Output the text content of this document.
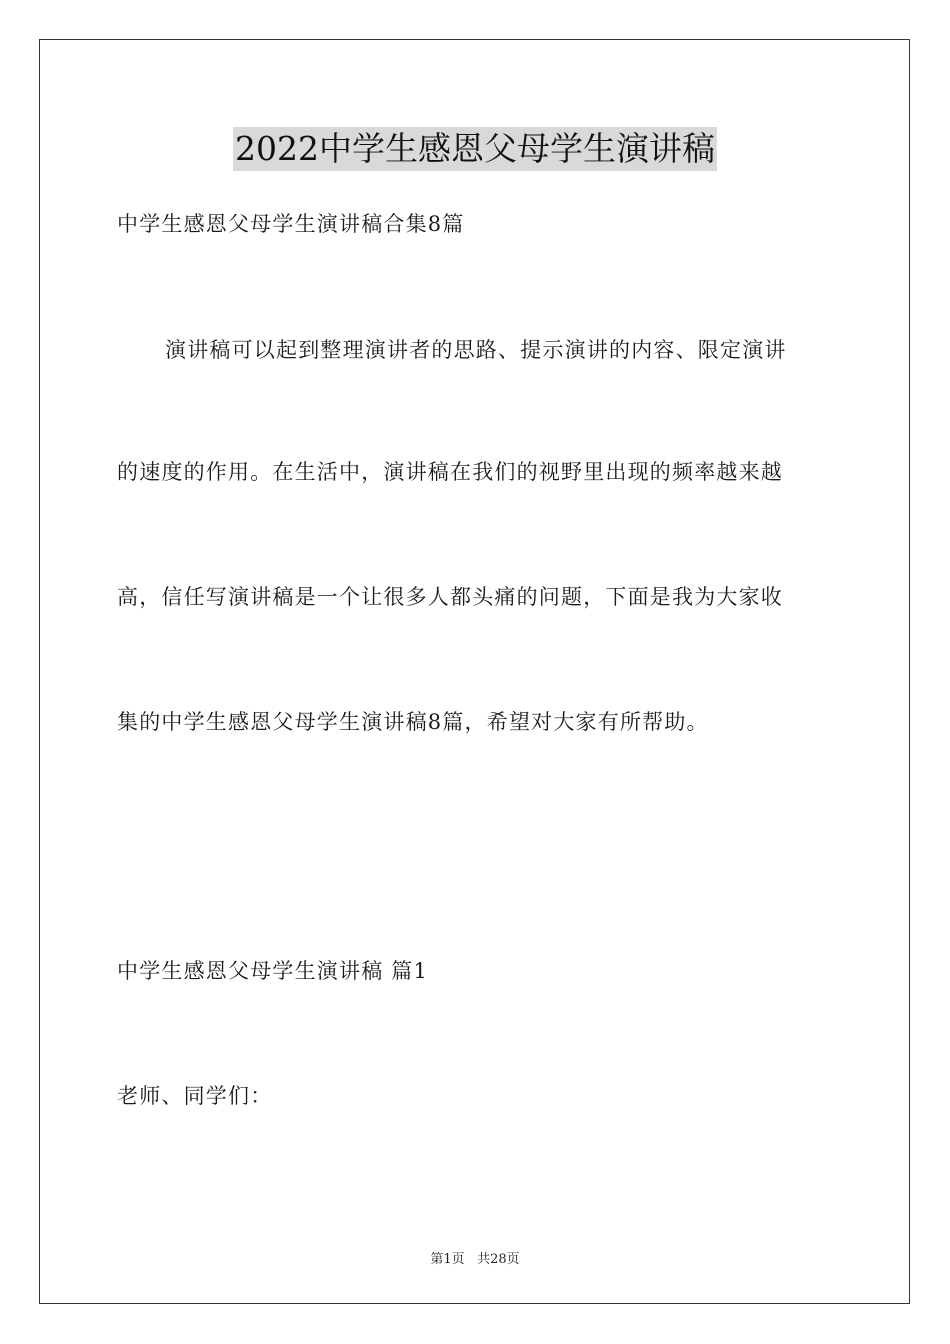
2022中学生感恩父母学生演讲稿
中学生感恩父母学生演讲稿合集8篇
演讲稿可以起到整理演讲者的思路、提示演讲的内容、限定演讲
的速度的作用。在生活中，演讲稿在我们的视野里出现的频率越来越
高，信任写演讲稿是一个让很多人都头痛的问题，下面是我为大家收
集的中学生感恩父母学生演讲稿8篇，希望对大家有所帮助。
中学生感恩父母学生演讲稿 篇1
老师、同学们：
第1页 共28页
